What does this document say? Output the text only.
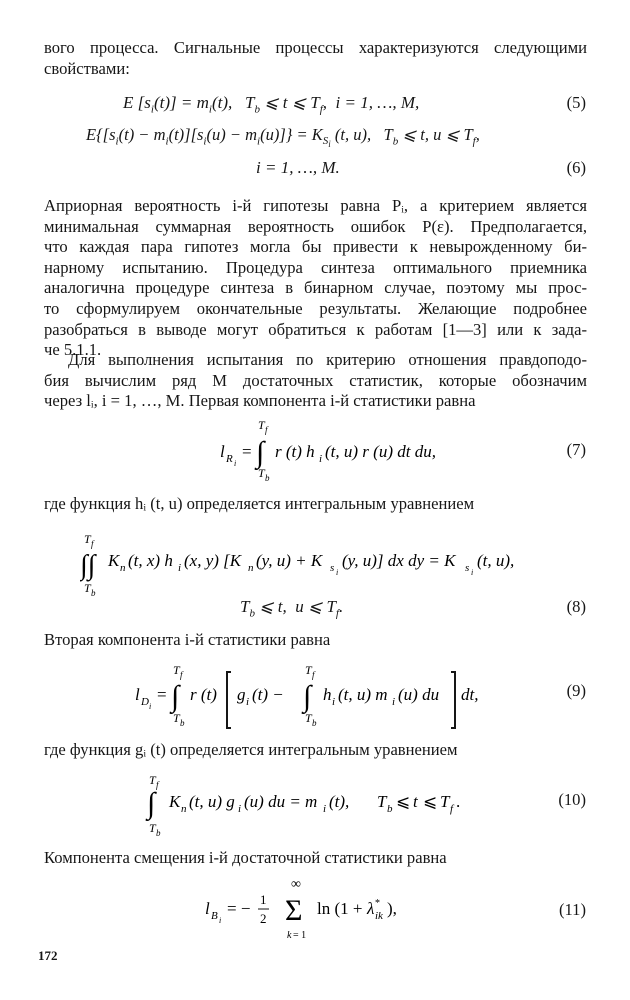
вого процесса. Сигнальные процессы характеризуются следующими
свойствами:
E $[s_i(t)] = m_i(t)$,   $T_b$ ⩽ t ⩽ $T_f$,  i = 1, …, M,	(5)
$E\{[s_i(t) - m_i(t)][s_i(u) - m_i(u)]\} = K_{S_i}$ (t, u),   $T_b$ ⩽ t, u ⩽ $T_f$,
i = 1, …, M.	(6)
Априорная вероятность i-й гипотезы равна Pᵢ, а критерием является
минимальная суммарная вероятность ошибок P(ε). Предполагается,
что каждая пара гипотез могла бы привести к невырожденному би-
нарному испытанию. Процедура синтеза оптимального приемника
аналогична процедуре синтеза в бинарном случае, поэтому мы прос-
то сформулируем окончательные результаты. Желающие подробнее
разобраться в выводе могут обратиться к работам [1—3] или к зада-
че 5.1.1.
Для выполнения испытания по критерию отношения правдоподо-
бия вычислим ряд M достаточных статистик, которые обозначим
через lᵢ, i = 1, …, M. Первая компонента i-й статистики равна
l R i
= ∫
T f
T b
r (t) h i (t, u) r (u) dt du,	(7)
где функция hᵢ (t, u) определяется интегральным уравнением
T f
∫∫
T b
K n (t, x) h i (x, y) [K n (y, u) + K s i
(y, u)] dx dy = K s i
(t, u),
$T_b$ ⩽ t,  u ⩽ $T_f$.	(8)
Вторая компонента i-й статистики равна
l D i
= ∫
T f
T b
r (t) g i (t) − ∫
T f
T b
h i (t, u) m i (u) du dt,	(9)
где функция gᵢ (t) определяется интегральным уравнением
T f
∫
T b
K n (t, u) g i (u) du = m i (t), T b ⩽ t ⩽ T f .	(10)
Компонента смещения i-й достаточной статистики равна
l B i
= − 1
2
∞
Σ
k = 1
ln (1 + λ *
ik ),	(11)
172
